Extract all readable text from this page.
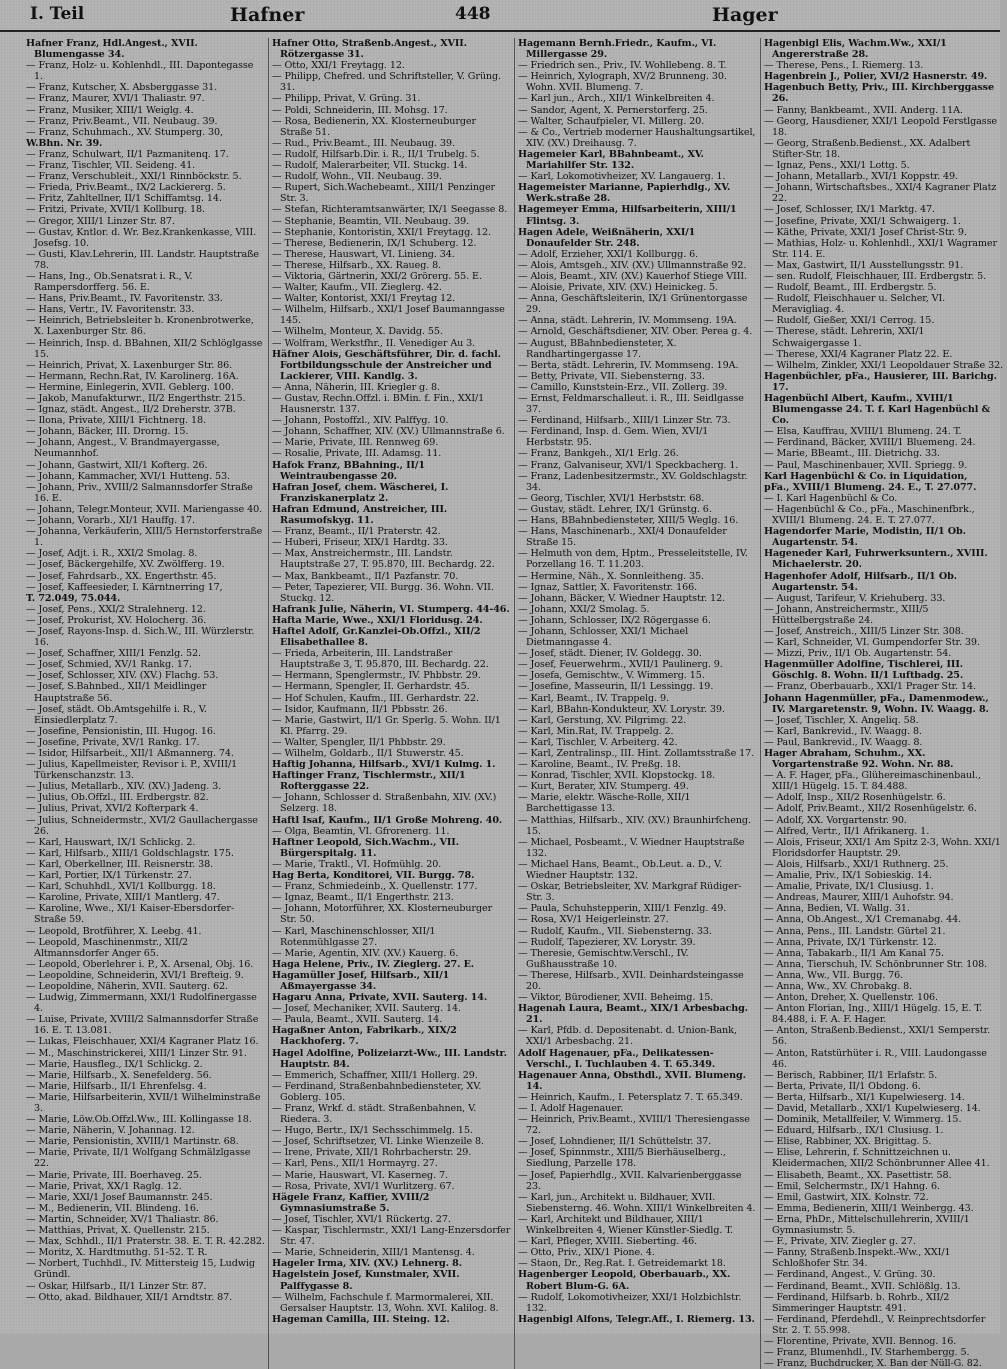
I. Teil	Hafner	448	Hager

Hafner Franz, Hdl.Angest., XVII. Blumengasse 34.

— Franz, Holz- u. Kohlenhdl., III. Dapontegasse 1.

— Franz, Kutscher, X. Absberggasse 31.

— Franz, Maurer, XVI/1 Thaliastr. 97.

— Franz, Musiker, XIII/1 Weiglg. 4.

— Franz, Priv.Beamt., VII. Neubaug. 39.

— Franz, Schuhmach., XV. Stumperg. 30,

W.Bhn. Nr. 39.

— Franz, Schulwart, II/1 Pazmanitenq. 17.

— Franz, Tischler, VII. Seideng. 41.

— Franz, Verschubleit., XXI/1 Rinnböckstr. 5.

— Frieda, Priv.Beamt., IX/2 Lackiererg. 5.

— Fritz, Zahltellner, II/1 Schiffamtsg. 14.

— Fritzi, Private, XVII/1 Kollburg. 18.

— Gregor, XIII/1 Linzer Str. 87.

— Gustav, Kntlor. d. Wr. Bez.Krankenkasse, VIII. Josefsg. 10.

— Gusti, Klav.Lehrerin, III. Landstr. Hauptstraße 78.

— Hans, Ing., Ob.Senatsrat i. R., V. Rampersdorfferg. 56. E.

— Hans, Priv.Beamt., IV. Favoritenstr. 33.

— Hans, Vertr., IV. Favoritenstr. 33.

— Heinrich, Betriebsleiter b. Kronenbrotwerke, X. Laxenburger Str. 86.

— Heinrich, Insp. d. BBahnen, XII/2 Schlöglgasse 15.

— Heinrich, Privat, X. Laxenburger Str. 86.

— Hermann, Rechn.Rat, IV. Karolinerg. 16A.

— Hermine, Einlegerin, XVII. Geblerg. 100.

— Jakob, Manufakturwr., II/2 Engerthstr. 215.

— Ignaz, städt. Angest., II/2 Dreherstr. 37B.

— Ilona, Private, XIII/1 Fichtnerg. 18.

— Johann, Bäcker, III. Drorng. 15.

— Johann, Angest., V. Brandmayergasse, Neumannhof.

— Johann, Gastwirt, XII/1 Kofterg. 26.

— Johann, Kammacher, XVI/1 Hutteng. 53.

— Johann, Priv., XVIII/2 Salmannsdorfer Straße 16. E.

— Johann, Telegr.Monteur, XVII. Mariengasse 40.

— Johann, Vorarb., XI/1 Hauffg. 17.

— Johanna, Verkäuferin, XIII/5 Hernstorferstraße 1.

— Josef, Adjt. i. R., XXI/2 Smolag. 8.

— Josef, Bäckergehilfe, XV. Zwölfferg. 19.

— Josef, Fahrdsarb., XX. Engerthstr. 45.

— Josef, Kaffeesieder, I. Kärntnerring 17,

T. 72.049, 75.044.

— Josef, Pens., XXI/2 Stralehnerg. 12.

— Josef, Prokurist, XV. Holocherg. 36.

— Josef, Rayons-Insp. d. Sich.W., III. Würzlerstr. 16.

— Josef, Schaffner, XIII/1 Fenzlg. 52.

— Josef, Schmied, XV/1 Rankg. 17.

— Josef, Schlosser, XIV. (XV.) Flachg. 53.

— Josef, S.Bahnbed., XII/1 Meidlinger Hauptstraße 56.

— Josef, städt. Ob.Amtsgehilfe i. R., V. Einsiedlerplatz 7.

— Josefine, Pensionistin, III. Hugog. 16.

— Josefine, Private, XV/1 Rankg. 17.

— Isidor, Hilfsarbeit., XII/1 Aßmannerg. 74.

— Julius, Kapellmeister, Revisor i. P., XVIII/1 Türkenschanzstr. 13.

— Julius, Metallarb., XIV. (XV.) Jadeng. 3.

— Julius, Ob.Offzl., III. Erdbergstr. 82.

— Julius, Privat, XVI/2 Kofterpark 4.

— Julius, Schneidermstr., XVI/2 Gaullachergasse 26.

— Karl, Hauswart, IX/1 Schlickg. 2.

— Karl, Hilfsarb., XIII/1 Goldschlagstr. 175.

— Karl, Oberkellner, III. Reisnerstr. 38.

— Karl, Portier, IX/1 Türkenstr. 27.

— Karl, Schuhhdl., XVI/1 Kollburgg. 18.

— Karoline, Private, XIII/1 Mantlerg. 47.

— Karoline, Wwe., XI/1 Kaiser-Ebersdorfer-Straße 59.

— Leopold, Brotführer, X. Leebg. 41.

— Leopold, Maschinenmstr., XII/2 Altmannsdorfer Anger 65.

— Leopold, Oberlehrer i. P., X. Arsenal, Obj. 16.

— Leopoldine, Schneiderin, XVI/1 Brefteig. 9.

— Leopoldine, Näherin, XVII. Sauterg. 62.

— Ludwig, Zimmermann, XXI/1 Rudolfinergasse 4.

— Luise, Private, XVIII/2 Salmannsdorfer Straße 16. E. T. 13.081.

— Lukas, Fleischhauer, XXI/4 Kagraner Platz 16.

— M., Maschinstrickerei, XIII/1 Linzer Str. 91.

— Marie, Hausfleg., IX/1 Schlickg. 2.

— Marie, Hilfsarb., X. Senefelderg. 56.

— Marie, Hilfsarb., II/1 Ehrenfelsg. 4.

— Marie, Hilfsarbeiterin, XVII/1 Wilhelminstraße 3.

— Marie, Löw.Ob.Offzl.Ww., III. Kollingasse 18.

— Marie, Näherin, V. Johannag. 12.

— Marie, Pensionistin, XVIII/1 Martinstr. 68.

— Marie, Private, II/1 Wolfgang Schmälzlgasse 22.

— Marie, Private, III. Boerhaveg. 25.

— Marie, Privat, XX/1 Raglg. 12.

— Marie, XXI/1 Josef Baumannstr. 245.

— M., Bedienerin, VII. Blindeng. 16.

— Martin, Schneider, XV/1 Thaliastr. 86.

— Matthias, Privat, X. Quellenstr. 215.

— Max, Schhdl., II/1 Praterstr. 38. E. T. R. 42.282.

— Moritz, X. Hardtmuthg. 51-52. T. R.

— Norbert, Tuchhdl., IV. Mittersteig 15, Ludwig Gründl.

— Oskar, Hilfsarb., II/1 Linzer Str. 87.

— Otto, akad. Bildhauer, XII/1 Arndtstr. 87.

Hafner Otto, Straßenb.Angest., XVII. Rötzergasse 31.

— Otto, XXI/1 Freytagg. 12.

— Philipp, Chefred. und Schriftsteller, V. Grüng. 31.

— Philipp, Privat, V. Grüng. 31.

— Poldi, Schneiderin, III. Mohsg. 17.

— Rosa, Bedienerin, XX. Klosterneuburger Straße 51.

— Rud., Priv.Beamt., III. Neubaug. 39.

— Rudolf, Hilfsarb.Dir. i. R., II/1 Trubelg. 5.

— Rudolf, Malerarbeiter, VII. Stuckg. 14.

— Rudolf, Wohn., VII. Neubaug. 39.

— Rupert, Sich.Wachebeamt., XIII/1 Penzinger Str. 3.

— Stefan, Richteramtsanwärter, IX/1 Seegasse 8.

— Stephanie, Beamtin, VII. Neubaug. 39.

— Stephanie, Kontoristin, XXI/1 Freytagg. 12.

— Therese, Bedienerin, IX/1 Schuberg. 12.

— Therese, Hauswart, VI. Linieng. 34.

— Therese, Hilfsarb., XX. Raueg. 8.

— Viktoria, Gärtnerin, XXI/2 Grörerg. 55. E.

— Walter, Kaufm., VII. Zieglerg. 42.

— Walter, Kontorist, XXI/1 Freytag 12.

— Wilhelm, Hilfsarb., XXI/1 Josef Baumanngasse 145.

— Wilhelm, Monteur, X. Davidg. 55.

— Wolfram, Werkstfhr., II. Venediger Au 3.

Häfner Alois, Geschäftsführer, Dir. d. fachl. Fortbildungsschule der Anstreicher und Lackierer, VIII. Kandlg. 3.

— Anna, Näherin, III. Kriegler g. 8.

— Gustav, Rechn.Offzl. i. BMin. f. Fin., XXI/1 Hausnerstr. 137.

— Johann, Postoffzl., XIV. Palffyg. 10.

— Johann, Schaffner, XIV. (XV.) Ullmannstraße 6.

— Marie, Private, III. Rennweg 69.

— Rosalie, Private, III. Adamsg. 11.

Hafok Franz, BBahning., II/1 Weintraubengasse 20.

Hafran Josef, chem. Wäscherei, I. Franziskanerplatz 2.

Hafran Edmund, Anstreicher, III. Rasumofskyg. 11.

— Franz, Beamt., II/1 Praterstr. 42.

— Huberi, Friseur, XIX/1 Hardtg. 33.

— Max, Anstreichermstr., III. Landstr. Hauptstraße 27, T. 95.870, III. Bechardg. 22.

— Max, Bankbeamt., II/1 Pazfanstr. 70.

— Peter, Tapezierer, VII. Burgg. 36. Wohn. VII. Stuckg. 12.

Hafrank Julie, Näherin, VI. Stumperg. 44-46.

Hafta Marie, Wwe., XXI/1 Floridusg. 24.

Haftel Adolf, Gr.Kanzlei-Ob.Offzl., XII/2 Elisabethallee 8.

— Frieda, Arbeiterin, III. Landstraßer Hauptstraße 3, T. 95.870, III. Bechardg. 22.

— Hermann, Spenglermstr., IV. Phbbstr. 29.

— Hermann, Spengler, II. Gerhardstr. 45.

— Hof Schulen, Kaufm., III. Gerhardstr. 22.

— Isidor, Kaufmann, II/1 Pbbsstr. 26.

— Marie, Gastwirt, II/1 Gr. Sperlg. 5. Wohn. II/1 Kl. Pfarrg. 29.

— Walter, Spengler, II/1 Phbbstr. 29.

— Wilhelm, Goldarb., II/1 Stuwerstr. 45.

Haftig Johanna, Hilfsarb., XVI/1 Kulmg. 1.

Haftinger Franz, Tischlermstr., XII/1 Rofterggasse 22.

— Johann, Schlosser d. Straßenbahn, XIV. (XV.) Selzerg. 18.

Haftl Isaf, Kaufm., II/1 Große Mohreng. 40.

— Olga, Beamtin, VI. Gfrorenerg. 11.

Haftner Leopold, Sich.Wachm., VII. Bürgerspitalg. 11.

— Marie, Traktl., VI. Hofmühlg. 20.

Hag Berta, Konditorei, VII. Burgg. 78.

— Franz, Schmiedeinb., X. Quellenstr. 177.

— Ignaz, Beamt., II/1 Engerthstr. 213.

— Johann, Motorführer, XX. Klosterneuburger Str. 50.

— Karl, Maschinenschlosser, XII/1 Rotenmühlgasse 27.

— Marie, Agentin, XIV. (XV.) Kauerg. 6.

Haga Helene, Priv., IV. Zieglerg. 27. E.

Hagamüller Josef, Hilfsarb., XII/1 Aßmayergasse 34.

Hagaru Anna, Private, XVII. Sauterg. 14.

— Josef, Mechaniker, XVII. Sauterg. 14.

— Paula, Beamt., XVII. Sauterg. 14.

Hagaßner Anton, Fabrikarb., XIX/2 Hackhoferg. 7.

Hagel Adolfine, Polizeiarzt-Ww., III. Landstr. Hauptstr. 84.

— Emmerich, Schaffner, XIII/1 Hollerg. 29.

— Ferdinand, Straßenbahnbediensteter, XV. Goblerg. 105.

— Franz, Wrkf. d. städt. Straßenbahnen, V. Riedera. 3.

— Hugo, Bertr., IX/1 Sechsschimmelg. 15.

— Josef, Schriftsetzer, VI. Linke Wienzeile 8.

— Irene, Private, XII/1 Rohrbacherstr. 29.

— Karl, Pens., XII/1 Hormayrg. 27.

— Marie, Hauswart, VI. Kaserneg. 7.

— Rosa, Private, XVI/1 Wurlitzerg. 67.

Hägele Franz, Kaffier, XVIII/2 Gymnasiumstraße 5.

— Josef, Tischler, XVI/1 Rückertg. 27.

— Kaspar, Tischlermstr., XXI/1 Lang-Enzersdorfer Str. 47.

— Marie, Schneiderin, XIII/1 Mantensg. 4.

Hageler Irma, XIV. (XV.) Lehnerg. 8.

Hagelstein Josef, Kunstmaler, XVII. Palffygasse 8.

— Wilhelm, Fachschule f. Marmormalerei, XII. Gersalser Hauptstr. 13, Wohn. XVI. Kalilog. 8.

Hageman Camilla, III. Steing. 12.

Hagemann Bernh.Friedr., Kaufm., VI. Millergasse 29.

— Friedrich sen., Priv., IV. Wohllebeng. 8. T.

— Heinrich, Xylograph, XV/2 Brunneng. 30. Wohn. XVII. Blumeng. 7.

— Karl jun., Arch., XII/1 Winkelbreiten 4.

— Sandor, Agent, X. Pernerstorferg. 25.

— Walter, Schaufpieler, VI. Millerg. 20.

— & Co., Vertrieb moderner Haushaltungsartikel, XIV. (XV.) Dreihausg. 7.

Hagemeier Karl, BBahnbeamt., XV. Mariahilfer Str. 132.

— Karl, Lokomotivheizer, XV. Langauerg. 1.

Hagemeister Marianne, Papierhdlg., XV. Werk.straße 28.

Hagemeyer Emma, Hilfsarbeiterin, XIII/1 Flintsg. 3.

Hagen Adele, Weißnäherin, XXI/1 Donaufelder Str. 248.

— Adolf, Erzieher, XXI/1 Kollburgg. 6.

— Alois, Amtsgeh., XIV. (XV.) Ullmannstraße 92.

— Alois, Beamt., XIV. (XV.) Kauerhof Stiege VIII.

— Aloisie, Private, XIV. (XV.) Heinickeg. 5.

— Anna, Geschäftsleiterin, IX/1 Grünentorgasse 29.

— Anna, städt. Lehrerin, IV. Mommseng. 19A.

— Arnold, Geschäftsdiener, XIV. Ober. Perea g. 4.

— August, BBahnbediensteter, X. Randhartingergasse 17.

— Berta, städt. Lehrerin, IV. Mommseng. 19A.

— Betty, Private, VII. Siebensterng. 33.

— Camillo, Kunststein-Erz., VII. Zollerg. 39.

— Ernst, Feldmarschalleut. i. R., III. Seidlgasse 37.

— Ferdinand, Hilfsarb., XIII/1 Linzer Str. 73.

— Ferdinand, Insp. d. Gem. Wien, XVI/1 Herbststr. 95.

— Franz, Bankgeh., XI/1 Erlg. 26.

— Franz, Galvaniseur, XVI/1 Speckbacherg. 1.

— Franz, Ladenbesitzermstr., XV. Goldschlagstr. 34.

— Georg, Tischler, XVI/1 Herbststr. 68.

— Gustav, städt. Lehrer, IX/1 Grünstg. 6.

— Hans, BBahnbediensteter, XIII/5 Weglg. 16.

— Hans, Maschinenarb., XXI/4 Donaufelder Straße 15.

— Helmuth von dem, Hptm., Presseleitstelle, IV. Porzellang 16. T. 11.203.

— Hermine, Näh., X. Sonnleitheng. 35.

— Ignaz, Sattler, X. Favoritenstr. 166.

— Johann, Bäcker, V. Wiedner Hauptstr. 12.

— Johann, XXI/2 Smolag. 5.

— Johann, Schlosser, IX/2 Rögergasse 6.

— Johann, Schlosser, XXI/1 Michael Dietmanngasse 4.

— Josef, städt. Diener, IV. Goldegg. 30.

— Josef, Feuerwehrm., XVII/1 Paulinerg. 9.

— Josefa, Gemischtw., V. Wimmerg. 15.

— Josefine, Masseurin, II/1 Lessingg. 19.

— Karl, Beamt., IV. Trappelg. 9.

— Karl, BBahn-Kondukteur, XV. Lorystr. 39.

— Karl, Gerstung, XV. Pilgrimg. 22.

— Karl, Min.Rat, IV. Trappelg. 2.

— Karl, Tischler, V. Arbeiterg. 42.

— Karl, Zentralinsp., III. Hint. Zollamtsstraße 17.

— Karoline, Beamt., IV. Preßg. 18.

— Konrad, Tischler, XVII. Klopstockg. 18.

— Kurt, Berater, XIV. Stumperg. 49.

— Marie, elektr. Wäsche-Rolle, XII/1 Barchettigasse 13.

— Matthias, Hilfsarb., XIV. (XV.) Braunhirfcheng. 15.

— Michael, Posbeamt., V. Wiedner Hauptstraße 132.

— Michael Hans, Beamt., Ob.Leut. a. D., V. Wiedner Hauptstr. 132.

— Oskar, Betriebsleiter, XV. Markgraf Rüdiger-Str. 3.

— Paula, Schuhstepperin, XIII/1 Fenzlg. 49.

— Rosa, XV/1 Heigerleinstr. 27.

— Rudolf, Kaufm., VII. Siebensterng. 33.

— Rudolf, Tapezierer, XV. Lorystr. 39.

— Theresie, Gemischtw.Verschl., IV. Gußhausstraße 10.

— Therese, Hilfsarb., XVII. Deinhardsteingasse 20.

— Viktor, Bürodiener, XVII. Beheimg. 15.

Hagenah Laura, Beamt., XIX/1 Arbesbachg. 21.

— Karl, Pfdb. d. Depositenabt. d. Union-Bank, XXI/1 Arbesbachg. 21.

Adolf Hagenauer, pFa., Delikatessen-Verschl., I. Tuchlauben 4. T. 65.349.

Hagenauer Anna, Obsthdl., XVII. Blumeng. 14.

— Heinrich, Kaufm., I. Petersplatz 7. T. 65.349.

— I. Adolf Hagenauer.

— Heinrich, Priv.Beamt., XVIII/1 Theresiengasse 72.

— Josef, Lohndiener, II/1 Schüttelstr. 37.

— Josef, Spinnmstr., XIII/5 Bierhäuselberg., Siedlung, Parzelle 178.

— Josef, Papierhdlg., XVII. Kalvarienberggasse 23.

— Karl, jun., Architekt u. Bildhauer, XVII. Siebensterng. 46. Wohn. XIII/1 Winkelbreiten 4.

— Karl, Architekt und Bildhauer, XIII/1 Winkelbreiten 4, Wiener Künstler-Siedlg. T.

— Karl, Pfleger, XVIII. Sieberting. 46.

— Otto, Priv., XIX/1 Pione. 4.

— Staon, Dr., Reg.Rat. I. Getreidemarkt 18.

Hagenberger Leopold, Oberbauarb., XX. Robert Blum-G. 6A.

— Rudolf, Lokomotivheizer, XXI/1 Holzbichlstr. 132.

Hagenbigl Alfons, Telegr.Aff., I. Riemerg. 13.

Hagenbigl Elis, Wachm.Ww., XXI/1 Angererstraße 28.

— Therese, Pens., I. Riemerg. 13.

Hagenbrein J., Polier, XVI/2 Hasnerstr. 49.

Hagenbuch Betty, Priv., III. Kirchberggasse 26.

— Fanny, Bankbeamt., XVII. Anderg. 11A.

— Georg, Hausdiener, XXI/1 Leopold Ferstlgasse 18.

— Georg, Straßenb.Bedienst., XX. Adalbert Stifter-Str. 18.

— Ignaz, Pens., XXI/1 Lottg. 5.

— Johann, Metallarb., XVI/1 Koppstr. 49.

— Johann, Wirtschaftsbes., XXI/4 Kagraner Platz 22.

— Josef, Schlosser, IX/1 Marktg. 47.

— Josefine, Private, XXI/1 Schwaigerg. 1.

— Käthe, Private, XXI/1 Josef Christ-Str. 9.

— Mathias, Holz- u. Kohlenhdl., XXI/1 Wagramer Str. 114. E.

— Max, Gastwirt, II/1 Ausstellungsstr. 91.

— sen. Rudolf, Fleischhauer, III. Erdbergstr. 5.

— Rudolf, Beamt., III. Erdbergstr. 5.

— Rudolf, Fleischhauer u. Selcher, VI. Meravigliag. 4.

— Rudolf, Gießer, XXI/1 Cerrog. 15.

— Therese, städt. Lehrerin, XXI/1 Schwaigergasse 1.

— Therese, XXI/4 Kagraner Platz 22. E.

— Wilhelm, Zinkler, XXI/1 Leopoldauer Straße 32.

Hagenbüchler, pFa., Hausierer, III. Barichg. 17.

Hagenbüchl Albert, Kaufm., XVIII/1 Blumengasse 24. T. f. Karl Hagenbüchl & Co.

— Elsa, Kauffrau, XVIII/1 Blumeng. 24. T.

— Ferdinand, Bäcker, XVIII/1 Bluemeng. 24.

— Marie, BBeamt., III. Dietrichg. 33.

— Paul, Maschinenbauer, XVII. Spriegg. 9.

Karl Hagenbüchl & Co. in Liquidation,

pFa., XVIII/1 Blumeng. 24. E., T. 27.077.

— I. Karl Hagenbüchl & Co.

— Hagenbüchl & Co., pFa., Maschinenfbrk., XVIII/1 Blumeng. 24. E. T. 27.077.

Hagendorfer Marie, Modistin, II/1 Ob. Augartenstr. 54.

Hageneder Karl, Fuhrwerksuntern., XVIII. Michaelerstr. 20.

Hagenhofer Adolf, Hilfsarb., II/1 Ob. Augartenstr. 54.

— August, Tarifeur, V. Kriehuberg. 33.

— Johann, Anstreichermstr., XIII/5 Hüttelbergstraße 24.

— Josef, Anstreich., XIII/5 Linzer Str. 308.

— Karl, Schneider, VI. Gumpendorfer Str. 39.

— Mizzi, Priv., II/1 Ob. Augartenstr. 54.

Hagenmüller Adolfine, Tischlerei, III. Göschlg. 8. Wohn. II/1 Luftbadg. 25.

— Franz, Oberbauarb., XXI/1 Prager Str. 14.

Johann Hagenmüller, pFa., Damenmodew., IV. Margaretenstr. 9, Wohn. IV. Waagg. 8.

— Josef, Tischler, X. Angeliq. 58.

— Karl, Bankrevid., IV. Waagg. 8.

— Paul, Bankrevid., IV. Waagg. 8.

Hager Abraham, Schuhm., XX. Vorgartenstraße 92. Wohn. Nr. 88.

— A. F. Hager, pFa., Glühereimaschinenbaul., XIII/1 Hügelg. 15. T. 84.488.

— Adolf, Insp., XII/2 Rosenhügelstr. 6.

— Adolf, Priv.Beamt., XII/2 Rosenhügelstr. 6.

— Adolf, XX. Vorgartenstr. 90.

— Alfred, Vertr., II/1 Afrikanerg. 1.

— Alois, Friseur, XXI/1 Am Spitz 2-3, Wohn. XXI/1 Floridsdorfer Hauptstr. 29.

— Alois, Hilfsarb., XXI/1 Ruthnerg. 25.

— Amalie, Priv., IX/1 Sobieskig. 14.

— Amalie, Private, IX/1 Clusiusg. 1.

— Andreas, Maurer, XIII/1 Auhofstr. 94.

— Anna, Bedien, VI. Wallg. 31.

— Anna, Ob.Angest., X/1 Cremanabg. 44.

— Anna, Pens., III. Landstr. Gürtel 21.

— Anna, Private, IX/1 Türkenstr. 12.

— Anna, Tabakarb., II/1 Am Kanal 75.

— Anna, Tierschuh, IV. Schönbrunner Str. 108.

— Anna, Ww., VII. Burgg. 76.

— Anna, Ww., XV. Chrobakg. 8.

— Anton, Dreher, X. Quellenstr. 106.

— Anton Florian, Ing., XIII/1 Hügelg. 15, E. T. 84.488, i. F. A. F. Hager.

— Anton, Straßenb.Bedienst., XXI/1 Semperstr. 56.

— Anton, Ratstürhüter i. R., VIII. Laudongasse 46.

— Berisch, Rabbiner, II/1 Erlafstr. 5.

— Berta, Private, II/1 Obdong. 6.

— Berta, Hilfsarb., XI/1 Kupelwieserg. 14.

— David, Metallarb., XXI/1 Kupelwieserg. 14.

— Dominik, Metallfeiler, V. Wimmerg. 15.

— Eduard, Hilfsarb., IX/1 Clusiusg. 1.

— Elise, Rabbiner, XX. Brigittag. 5.

— Elise, Lehrerin, f. Schnittzeichnen u. Kleidermachen, XII/2 Schönbrunner Allee 41.

— Elisabeth, Beamt., XX. Pasettistr. 58.

— Emil, Selchermstr., IX/1 Hahng. 6.

— Emil, Gastwirt, XIX. Kolnstr. 72.

— Emma, Bedienerin, XIII/1 Weinbergg. 43.

— Erna, PhDr., Mittelschullehrerin, XVIII/1 Gymnasiumstr. 5.

— F., Private, XIV. Ziegler g. 27.

— Fanny, Straßenb.Inspekt.-Ww., XXI/1 Schloßhofer Str. 34.

— Ferdinand, Angest., V. Grüng. 30.

— Ferdinand, Beamt., XVII. Schlößlg. 13.

— Ferdinand, Hilfsarb. b. Rohrb., XII/2 Simmeringer Hauptstr. 491.

— Ferdinand, Pferdehdl., V. Reinprechtsdorfer Str. 2. T. 55.998.

— Florentine, Private, XVII. Bennog. 16.

— Franz, Blumenhdl., IV. Starhembergg. 5.

— Franz, Buchdrucker, X. Ban der Nüll-G. 82.
